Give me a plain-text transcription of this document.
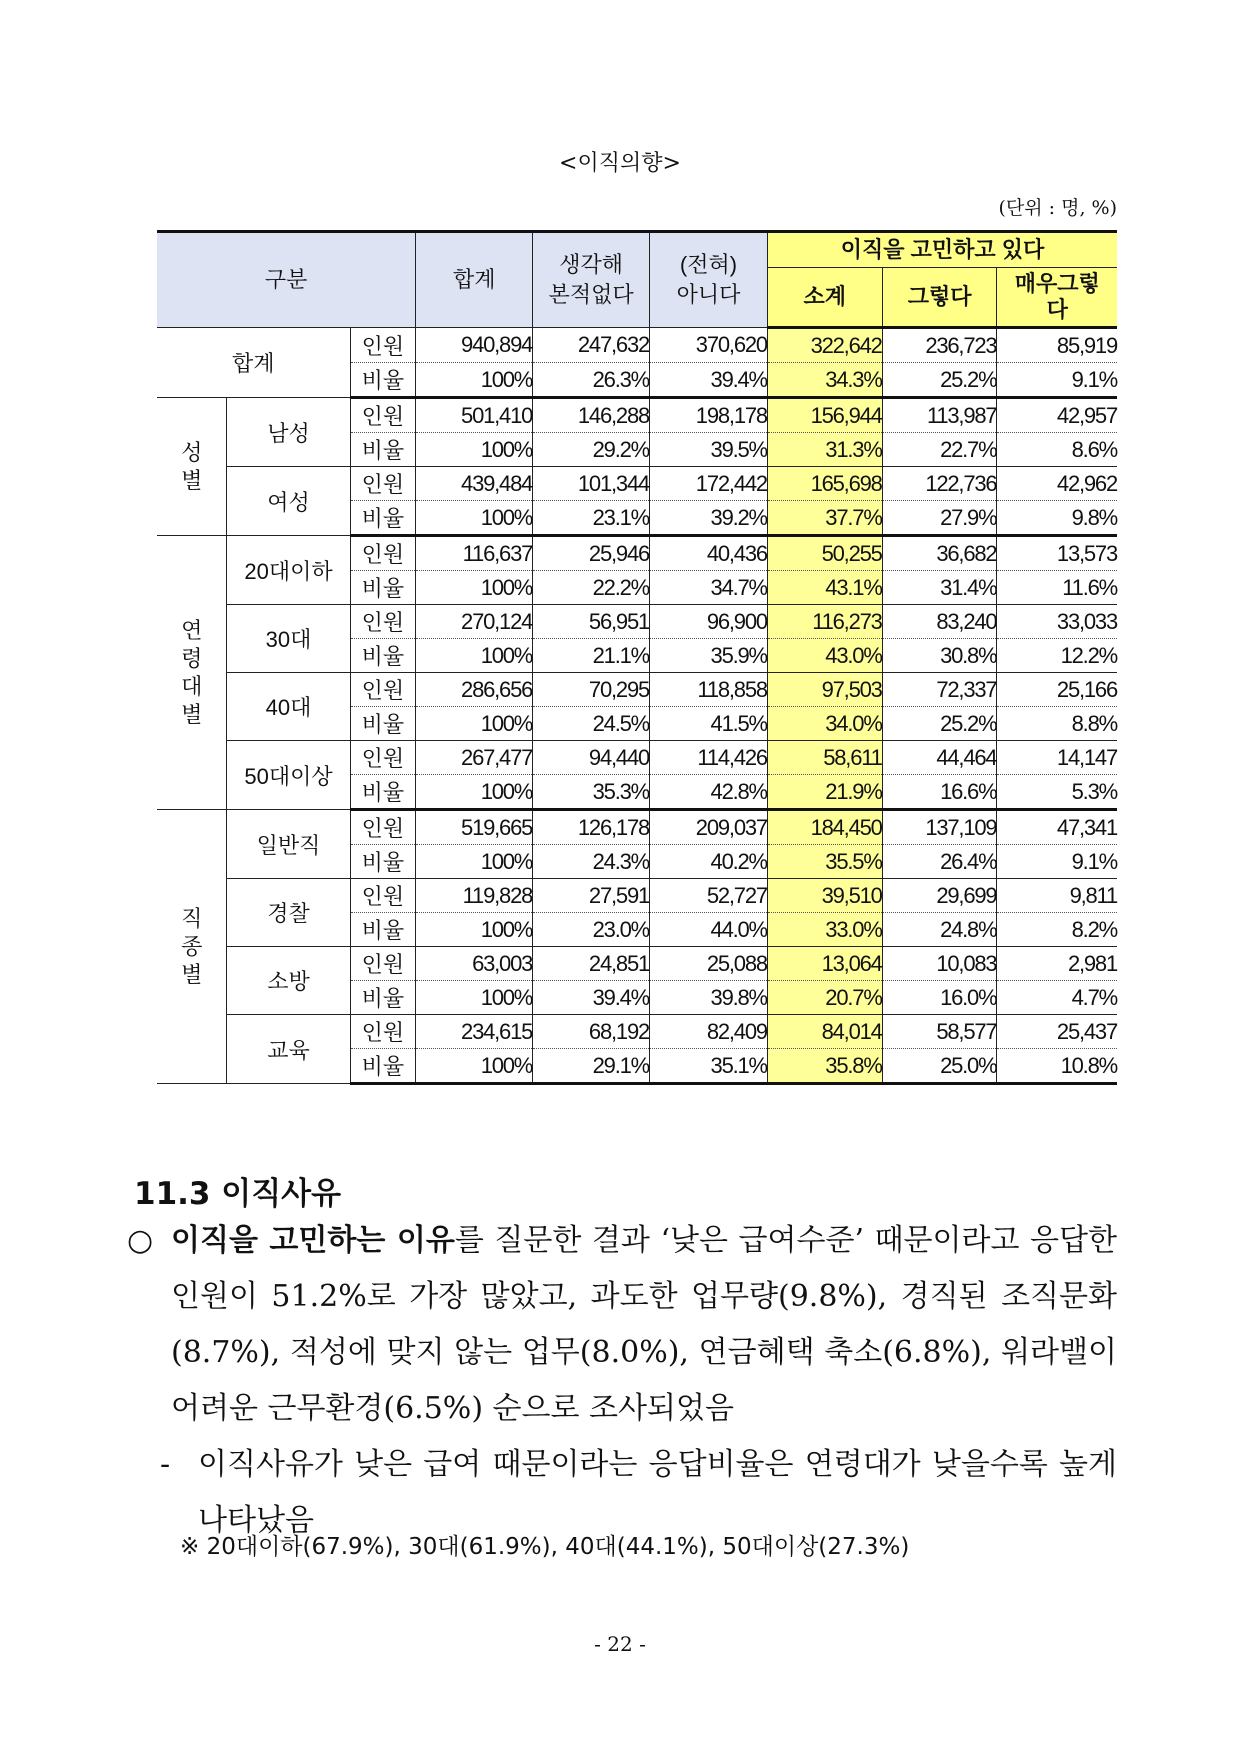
<이직의향>
(단위 : 명, %)
구분			합계	생각해
본적없다	(전혀)
아니다	이직을 고민하고 있다		
						소계	그렇다	매우그렇
다
합계		인원	940,894	247,632	370,620	322,642	236,723	85,919
		비율	100%	26.3%	39.4%	34.3%	25.2%	9.1%

성
별	남성	인원	501,410	146,288	198,178	156,944	113,987	42,957
		비율	100%	29.2%	39.5%	31.3%	22.7%	8.6%
	여성	인원	439,484	101,344	172,442	165,698	122,736	42,962
		비율	100%	23.1%	39.2%	37.7%	27.9%	9.8%

연
령
대
별	20대이하	인원	116,637	25,946	40,436	50,255	36,682	13,573
		비율	100%	22.2%	34.7%	43.1%	31.4%	11.6%
	30대	인원	270,124	56,951	96,900	116,273	83,240	33,033
		비율	100%	21.1%	35.9%	43.0%	30.8%	12.2%
	40대	인원	286,656	70,295	118,858	97,503	72,337	25,166
		비율	100%	24.5%	41.5%	34.0%	25.2%	8.8%
	50대이상	인원	267,477	94,440	114,426	58,611	44,464	14,147
		비율	100%	35.3%	42.8%	21.9%	16.6%	5.3%

직
종
별	일반직	인원	519,665	126,178	209,037	184,450	137,109	47,341
		비율	100%	24.3%	40.2%	35.5%	26.4%	9.1%
	경찰	인원	119,828	27,591	52,727	39,510	29,699	9,811
		비율	100%	23.0%	44.0%	33.0%	24.8%	8.2%
	소방	인원	63,003	24,851	25,088	13,064	10,083	2,981
		비율	100%	39.4%	39.8%	20.7%	16.0%	4.7%
	교육	인원	234,615	68,192	82,409	84,014	58,577	25,437
		비율	100%	29.1%	35.1%	35.8%	25.0%	10.8%
11.3 이직사유
○ 이직을 고민하는 이유를 질문한 결과 ‘낮은 급여수준’ 때문이라고 응답한 인원이 51.2%로 가장 많았고, 과도한 업무량(9.8%), 경직된 조직문화(8.7%), 적성에 맞지 않는 업무(8.0%), 연금혜택 축소(6.8%), 워라밸이 어려운 근무환경(6.5%) 순으로 조사되었음
- 이직사유가 낮은 급여 때문이라는 응답비율은 연령대가 낮을수록 높게 나타났음
※ 20대이하(67.9%), 30대(61.9%), 40대(44.1%), 50대이상(27.3%)
- 22 -
